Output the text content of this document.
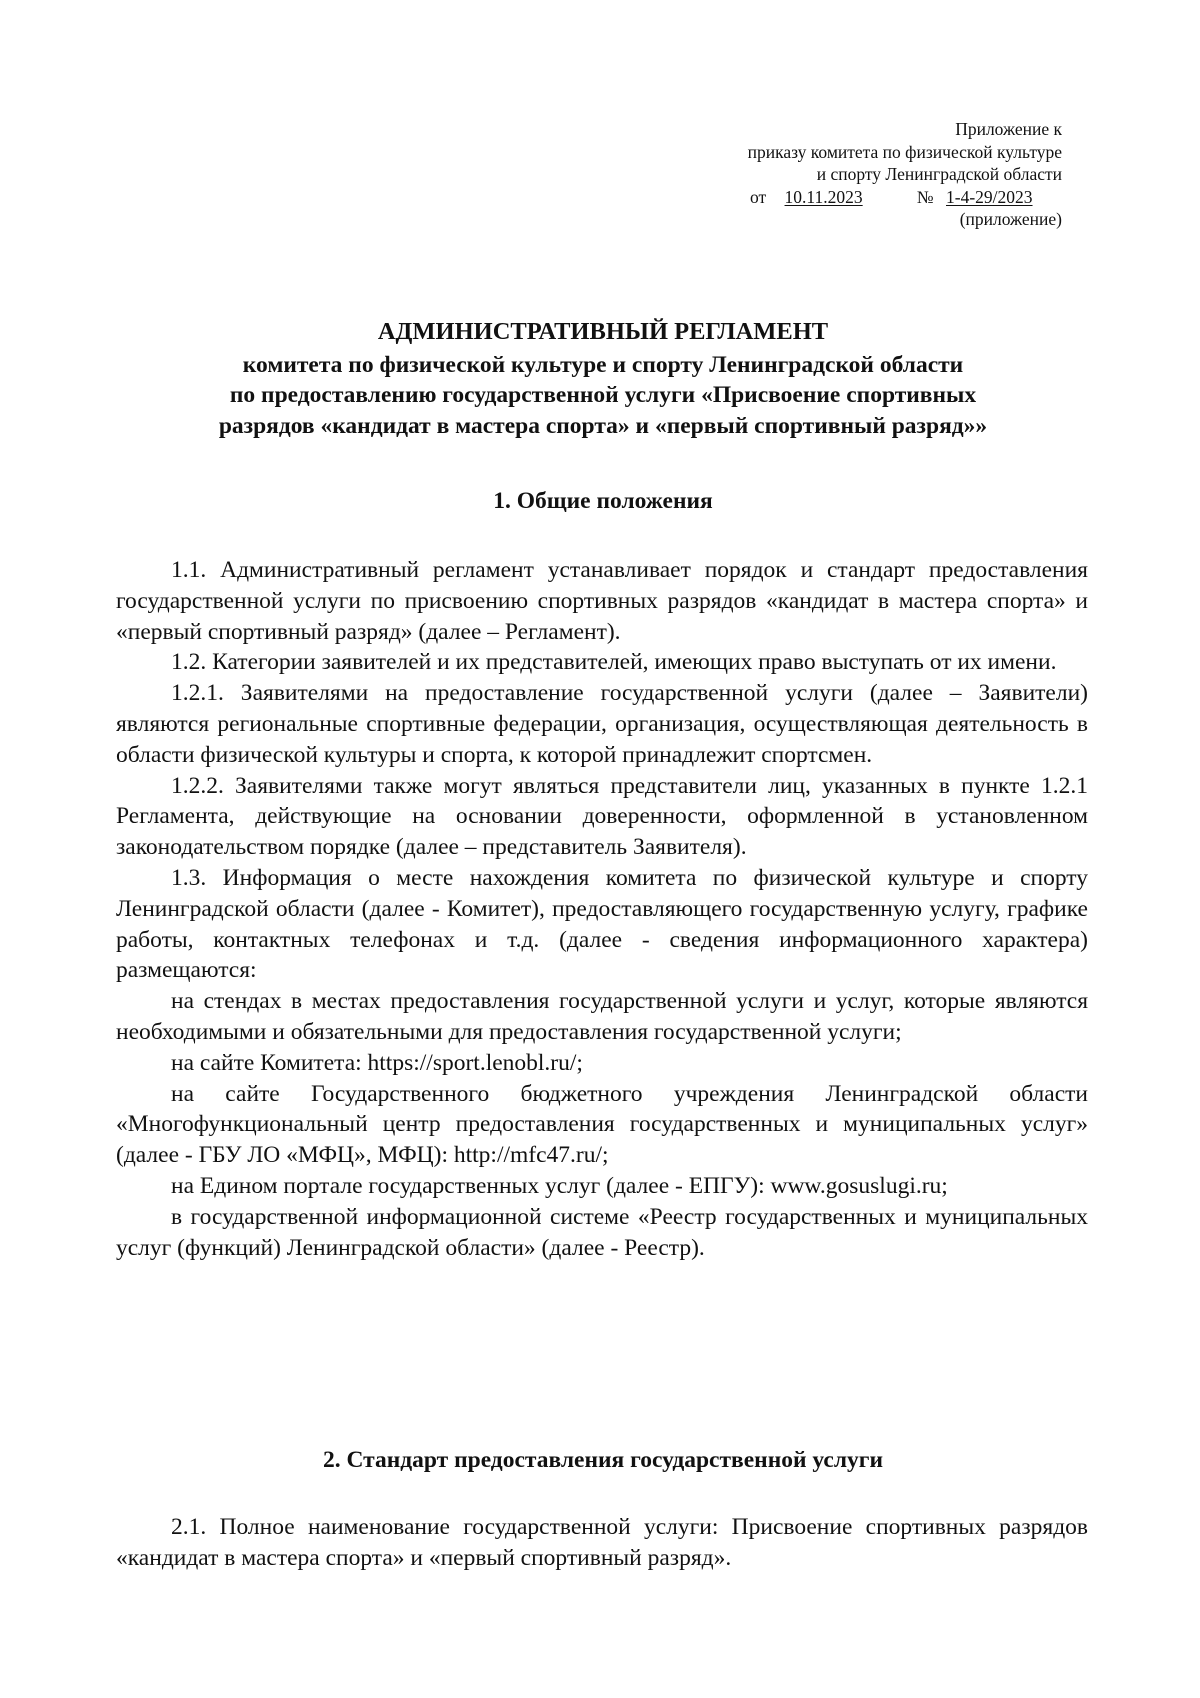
Приложение к
приказу комитета по физической культуре
и спорту Ленинградской области
от 10.11.2023	№ 1-4-29/2023
(приложение)
АДМИНИСТРАТИВНЫЙ РЕГЛАМЕНТ
комитета по физической культуре и спорту Ленинградской области
по предоставлению государственной услуги «Присвоение спортивных
разрядов «кандидат в мастера спорта» и «первый спортивный разряд»»
1. Общие положения

1.1. Административный регламент устанавливает порядок и стандарт предоставления государственной услуги по присвоению спортивных разрядов «кандидат в мастера спорта» и «первый спортивный разряд» (далее – Регламент).

1.2. Категории заявителей и их представителей, имеющих право выступать от их имени.

1.2.1. Заявителями на предоставление государственной услуги (далее – Заявители) являются региональные спортивные федерации, организация, осуществляющая деятельность в области физической культуры и спорта, к которой принадлежит спортсмен.

1.2.2. Заявителями также могут являться представители лиц, указанных в пункте 1.2.1 Регламента, действующие на основании доверенности, оформленной в установленном законодательством порядке (далее – представитель Заявителя).

1.3. Информация о месте нахождения комитета по физической культуре и спорту Ленинградской области (далее - Комитет), предоставляющего государственную услугу, графике работы, контактных телефонах и т.д. (далее - сведения информационного характера) размещаются:

на стендах в местах предоставления государственной услуги и услуг, которые являются необходимыми и обязательными для предоставления государственной услуги;

на сайте Комитета: https://sport.lenobl.ru/;

на сайте Государственного бюджетного учреждения Ленинградской области «Многофункциональный центр предоставления государственных и муниципальных услуг» (далее - ГБУ ЛО «МФЦ», МФЦ): http://mfc47.ru/;

на Едином портале государственных услуг (далее - ЕПГУ): www.gosuslugi.ru;

в государственной информационной системе «Реестр государственных и муниципальных услуг (функций) Ленинградской области» (далее - Реестр).

2. Стандарт предоставления государственной услуги

2.1. Полное наименование государственной услуги: Присвоение спортивных разрядов «кандидат в мастера спорта» и «первый спортивный разряд».
